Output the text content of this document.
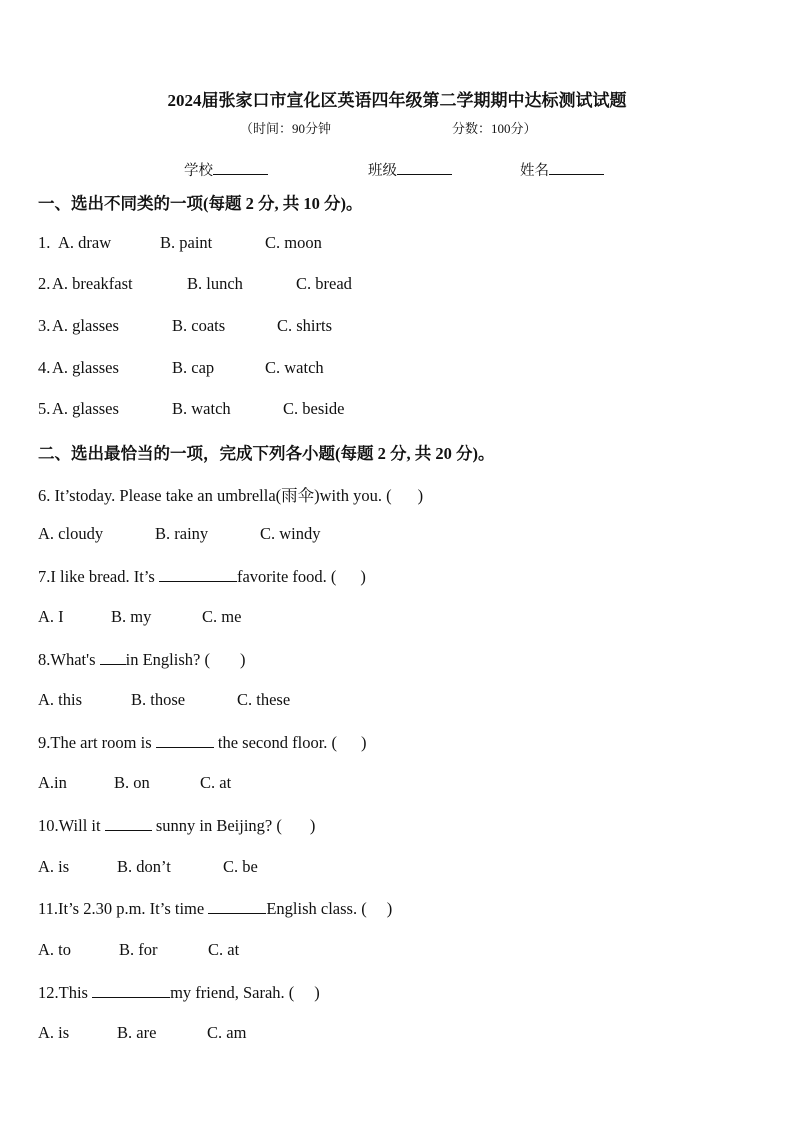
2024届张家口市宣化区英语四年级第二学期期中达标测试试题
（时间：90分钟	分数：100分）
学校	班级	姓名
一、选出不同类的一项(每题 2 分, 共 10 分)。
1. A. draw	B. paint	C. moon
2. A. breakfast	B. lunch	C. bread
3. A. glasses	B. coats	C. shirts
4. A. glasses	B. cap	C. watch
5. A. glasses	B. watch	C. beside
二、选出最恰当的一项，完成下列各小题(每题 2 分, 共 20 分)。
6. It’stoday. Please take an umbrella(雨伞)with you. ( )
A. cloudy	B. rainy	C. windy
7.I like bread. It’s	favorite food. ( )
A. I	B. my	C. me
8.What's in English? ( )
A. this	B. those	C. these
9.The art room is	the second floor. ( )
A.in	B. on	C. at
10.Will it	sunny in Beijing? ( )
A. is	B. don’t	C. be
11.It’s 2.30 p.m. It’s time	English class. ( )
A. to	B. for	C. at
12.This	my friend, Sarah. ( )
A. is	B. are	C. am
